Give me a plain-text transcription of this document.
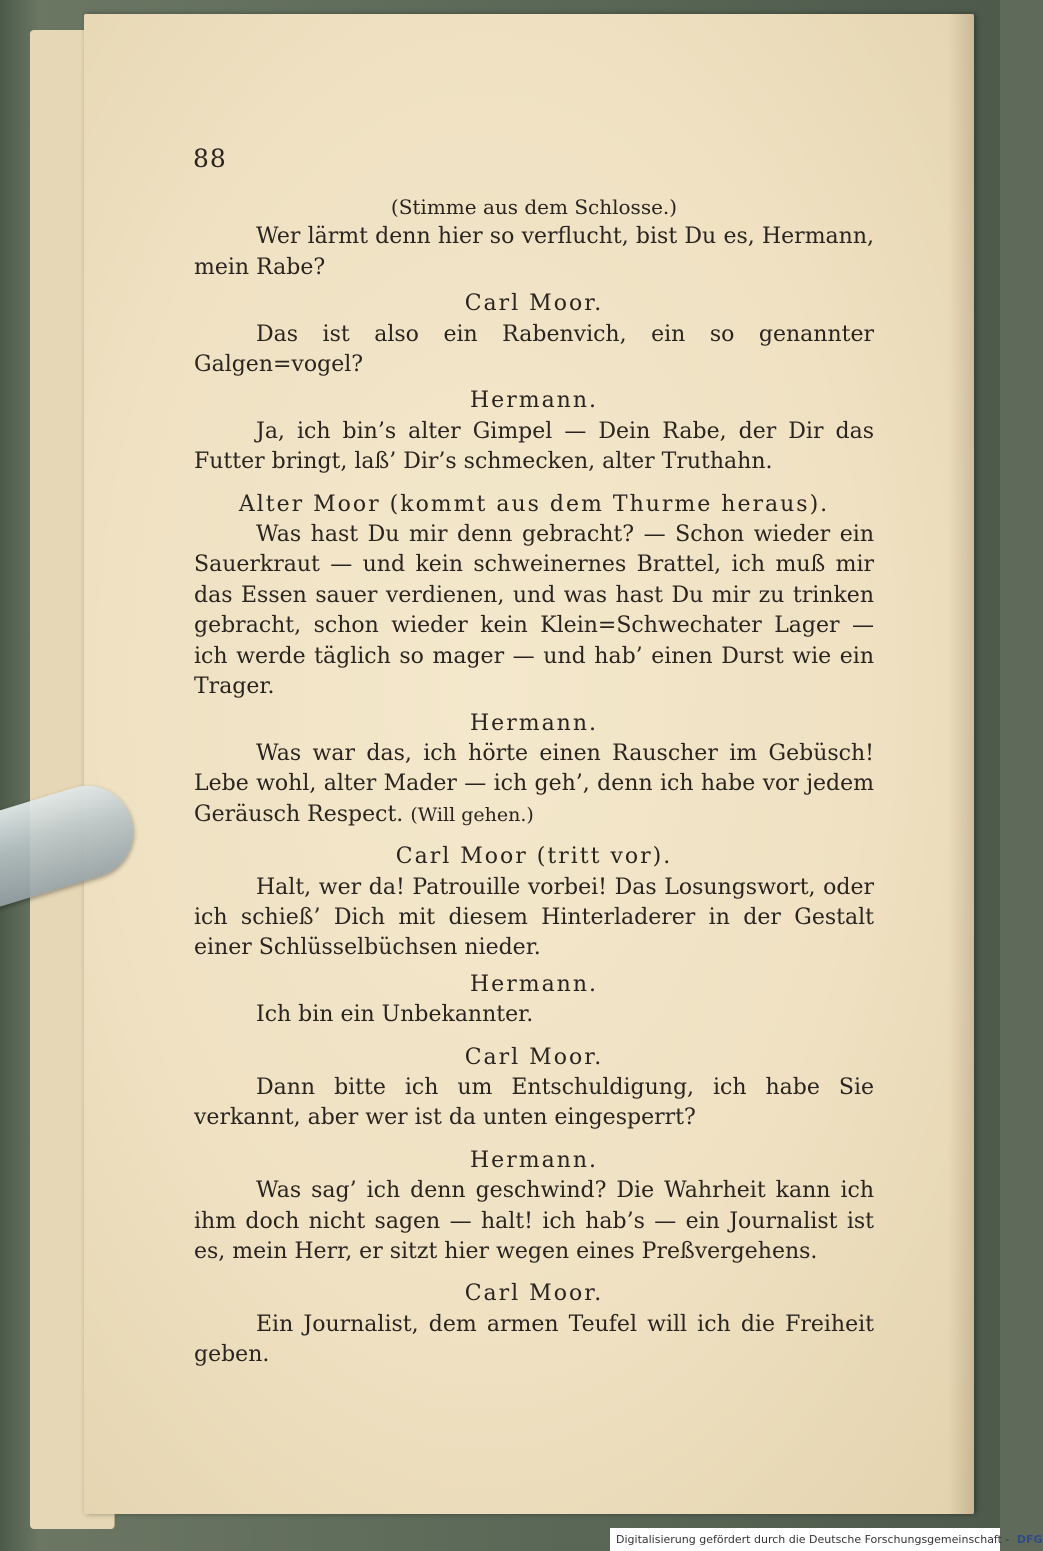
88

(Stimme aus dem Schlosse.)

Wer lärmt denn hier so verflucht, bist Du es, Hermann, mein Rabe?

Carl Moor.

Das ist also ein Rabenvich, ein so genannter Galgen=vogel?

Hermann.

Ja, ich bin’s alter Gimpel — Dein Rabe, der Dir das Futter bringt, laß’ Dir’s schmecken, alter Truthahn.

Alter Moor (kommt aus dem Thurme heraus).

Was hast Du mir denn gebracht? — Schon wieder ein Sauerkraut — und kein schweinernes Brattel, ich muß mir das Essen sauer verdienen, und was hast Du mir zu trinken gebracht, schon wieder kein Klein=Schwechater Lager — ich werde täglich so mager — und hab’ einen Durst wie ein Trager.

Hermann.

Was war das, ich hörte einen Rauscher im Gebüsch! Lebe wohl, alter Mader — ich geh’, denn ich habe vor jedem Geräusch Respect. (Will gehen.)

Carl Moor (tritt vor).

Halt, wer da! Patrouille vorbei! Das Losungswort, oder ich schieß’ Dich mit diesem Hinterladerer in der Gestalt einer Schlüsselbüchsen nieder.

Hermann.

Ich bin ein Unbekannter.

Carl Moor.

Dann bitte ich um Entschuldigung, ich habe Sie verkannt, aber wer ist da unten eingesperrt?

Hermann.

Was sag’ ich denn geschwind? Die Wahrheit kann ich ihm doch nicht sagen — halt! ich hab’s — ein Journalist ist es, mein Herr, er sitzt hier wegen eines Preßvergehens.

Carl Moor.

Ein Journalist, dem armen Teufel will ich die Freiheit geben.

Digitalisierung gefördert durch die Deutsche Forschungsgemeinschaft - DFG
